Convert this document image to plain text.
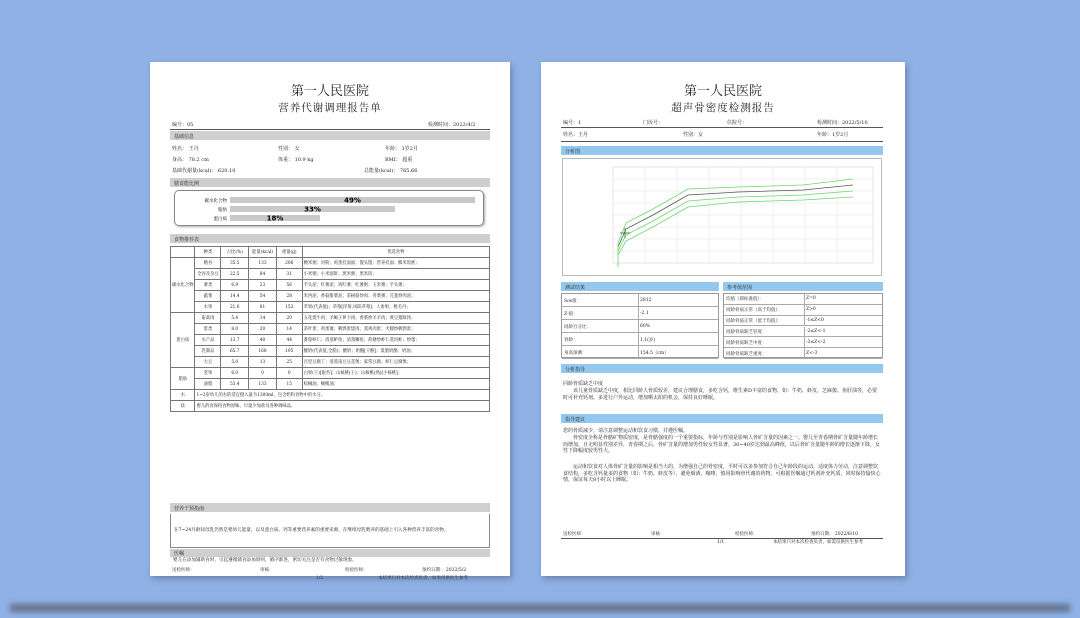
第一人民医院
营养代谢调理报告单
编号：05	检测时间：2022/4/2
基础信息
姓名： 王丹	性别： 女	年龄： 1岁2月
身高： 78.2 cm	体重： 10.9 kg	BMI： 超重
基础代谢量(kcal)： 620.10	总能量(kcal)： 765.66
膳食能比例
碳水化合物	49%
脂肪	33%
蛋白质	18%
食物推荐表
	种类	占比(%)	能量(kcal)	重量(g)	优选食物
碳水化合物	精谷	35.5	133	206	粳米粥；河粉；鸡蛋挂面面；馒头馒；营养挂面；糯米饭底；
	全谷及杂豆	22.5	84	31	小米粥；小米面饼；黑米粥；黑米饭；
	薯类	6.9	23	56	芋头泥；红薯泥；鸡红薯；红薯粥；玉米粥；芋头粥；
	蔬菜	14.4	54	28	米西泥；香菇甜菜泥；茶树菇炒肉；青菜粥；芫荽炒肉泥；
	水果	21.6	81	153	苹果(代表值)；草莓[洋莓,风阳草莓]；人参果；枇毛丹；
蛋白质	畜禽肉	5.4	14	20	五花烧牛肉；羊蝎子萝卜汤；香菜炒羊羊肉；黄豆猪蹄汤；
	蛋类	8.0	20	14	茶叶蛋；鸡蛋羹；鹌鹑蛋烧肉；蒸鸡肉蛋；火腿炒鹌鹑蛋；
	水产品	13.7	40	44	番茄虾仁；清蒸鲈鱼；清蒸鲫鱼；荷塘炒虾仁蒸河虾；炒墨；
	乳制品	65.7	168	195	酸奶(代表值,全脂)；酸奶；奶酪[干酪]；低脂奶酪；奶油；
	大豆	5.0	13	25	百里豆腐丁；清蒸南豆豆花煲；家常豆腐；虾仁豆腐煲；
脂肪	坚果	6.0	0	0	白果(干)[银杏]；山核桃(干)；山核桃(熟)[小核桃]；
	油脂	53.4	133	15	棕榈油；橄榄油；
水	1~2岁幼儿的水的适宜摄入量为1300ml，包含奶和食物中的水分。				
盐	婴儿的食保持食物原味，尽量少加盐及各种调味品。				
营养干预指南
在7~24月龄间母乳仍然是婴幼儿能量，以及蛋白质、钙等重要营养素的重要来源，在继续母乳喂养的基础上引入各种营养丰富的食物。
医嘱
婴儿在添加辅助食时，引起遵循辅食添加原则，循序渐进，密切关注是否有食物过敏现象。
送检医师：	审核：	检验医师：	预约日期： 2022/5/2
1/2	本结果只对本次检查负责，如果仅供医生参考
第一人民医院
超声骨密度检测报告
编号：1	门诊号：	住院号：	检测时间：2022/5/10
姓名：王丹	性别：女	年龄：1岁2月
分析图
测试结果	参考值范围
Sos值：	2812
Z-值：	-2.1
同龄百分比：	60%
骨龄：	1.1(岁)
身高预测：	154.5（cm）
均值（即标准值）：	Z=0
同龄骨质正常（高于均值）：	Z>0
同龄骨质正常（低于均值）：	-1≤Z<0
同龄骨质缺乏轻度：	-2≤Z<-1
同龄骨质缺乏中度：	-3≤Z<-2
同龄骨质缺乏重度：	Z<-3
分析指导
同龄骨质缺乏中度
该儿童骨质缺乏中度，相比同龄人骨质较差，建议合理膳食，多吃含钙，维生素D丰富的食物，如：牛奶、虾皮、芝麻酱、鱼肝油等，必要时可补充钙剂。多进行户外运动，增加晒太阳的机会，保持良好睡眠。
指导建议
您的骨质减少，请注意调整运动和饮食习惯，并遵医嘱。
骨密度全称是骨骼矿物质密度，是骨骼强度的一个重要指标，年龄与性别是影响人骨矿含量的因素之一。婴儿至青春期骨矿含量随年龄增长而增加，且无明显性别差异，青春期之后，骨矿含量的增加男性较女性显著，30~40岁达到最高峰值，以后骨矿含量随年龄的增长逐渐下降，女性下降幅度较男性大。
运动和饮食对人体骨矿含量的影响是相当大的，为增强自己的骨密度，平时可以多参加符合自己年龄段的运动，适度体力劳动，注意调整饮食结构，多吃含钙量多的食物（如：牛奶、虾皮等），避免烟酒、咖啡、慎用影响骨代谢的药物。可根据医嘱通过钙剂补充钙质，同时保持愉快心情，保证每天8小时以上睡眠。
送检医师：	审核：	检验医师：	预约日期： 2022/6/10
1/1	本结果只对本次检查负责，如需仅供医生参考
